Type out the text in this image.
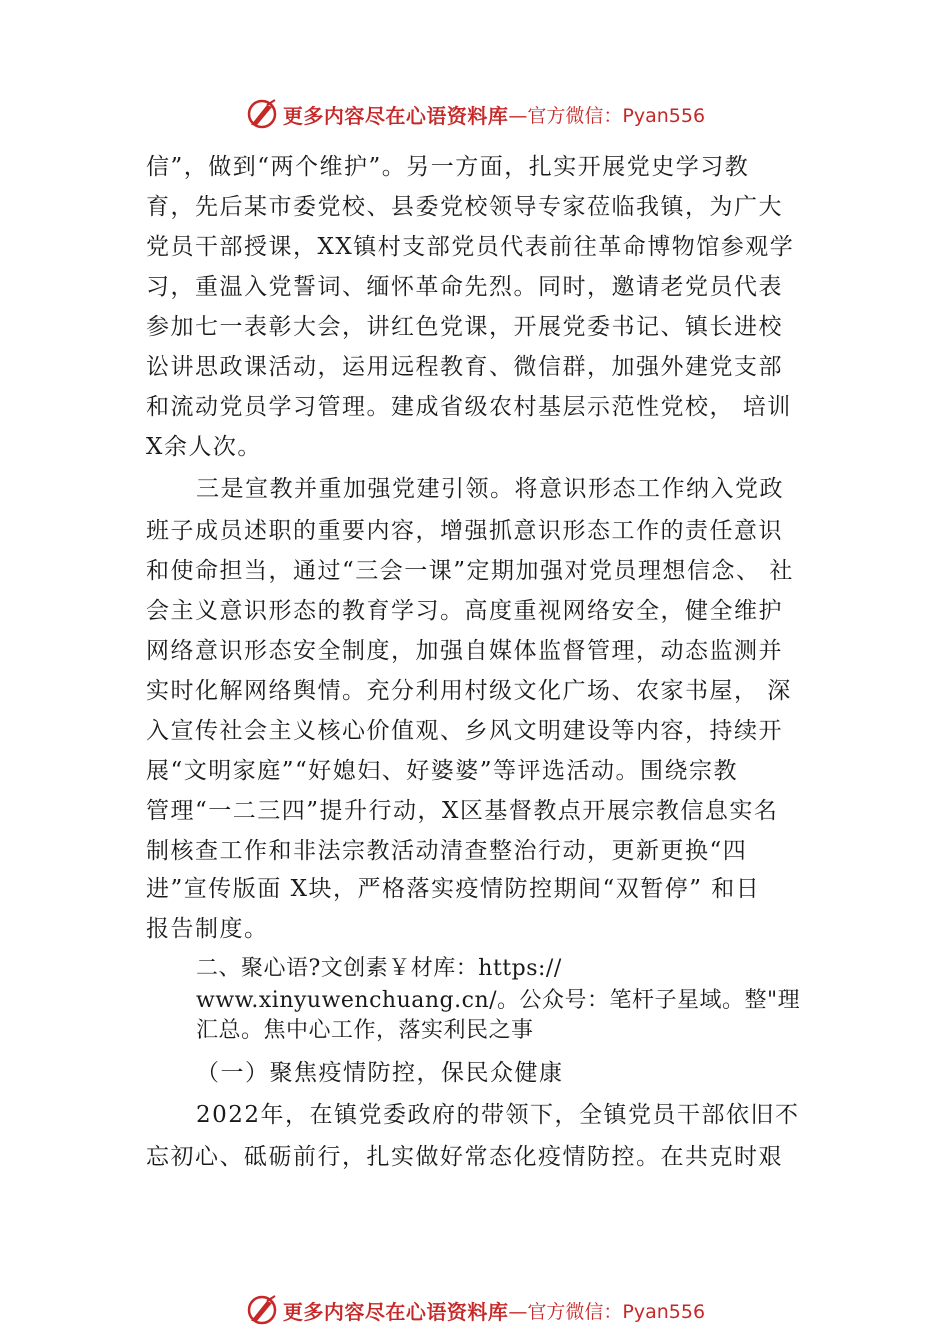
更多内容尽在心语资料库 —官方微信：Pyan556
信”，做到“两个维护”。另一方面，扎实开展党史学习教
育，先后某市委党校、县委党校领导专家莅临我镇，为广大
党员干部授课，XX镇村支部党员代表前往革命博物馆参观学
习，重温入党誓词、缅怀革命先烈。同时，邀请老党员代表
参加七一表彰大会，讲红色党课，开展党委书记、镇长进校
讼讲思政课活动，运用远程教育、微信群，加强外建党支部
和流动党员学习管理。建成省级农村基层示范性党校， 培训
X余人次。
三是宣教并重加强党建引领。将意识形态工作纳入党政
班子成员述职的重要内容，增强抓意识形态工作的责任意识
和使命担当，通过“三会一课”定期加强对党员理想信念、 社
会主义意识形态的教育学习。高度重视网络安全，健全维护
网络意识形态安全制度，加强自媒体监督管理，动态监测并
实时化解网络舆情。充分利用村级文化广场、农家书屋， 深
入宣传社会主义核心价值观、乡风文明建设等内容，持续开
展“文明家庭”“好媳妇、好婆婆”等评选活动。围绕宗教
管理“一二三四”提升行动，X区基督教点开展宗教信息实名
制核查工作和非法宗教活动清查整治行动，更新更换“四
进”宣传版面 X块，严格落实疫情防控期间“双暂停” 和日
报告制度。
二、聚心语?文创素￥材库：https://
www.xinyuwenchuang.cn/。公众号：笔杆子星域。整"理
汇总。焦中心工作，落实利民之事
（一）聚焦疫情防控，保民众健康
2022年，在镇党委政府的带领下，全镇党员干部依旧不
忘初心、砥砺前行，扎实做好常态化疫情防控。在共克时艰
更多内容尽在心语资料库 —官方微信：Pyan556
